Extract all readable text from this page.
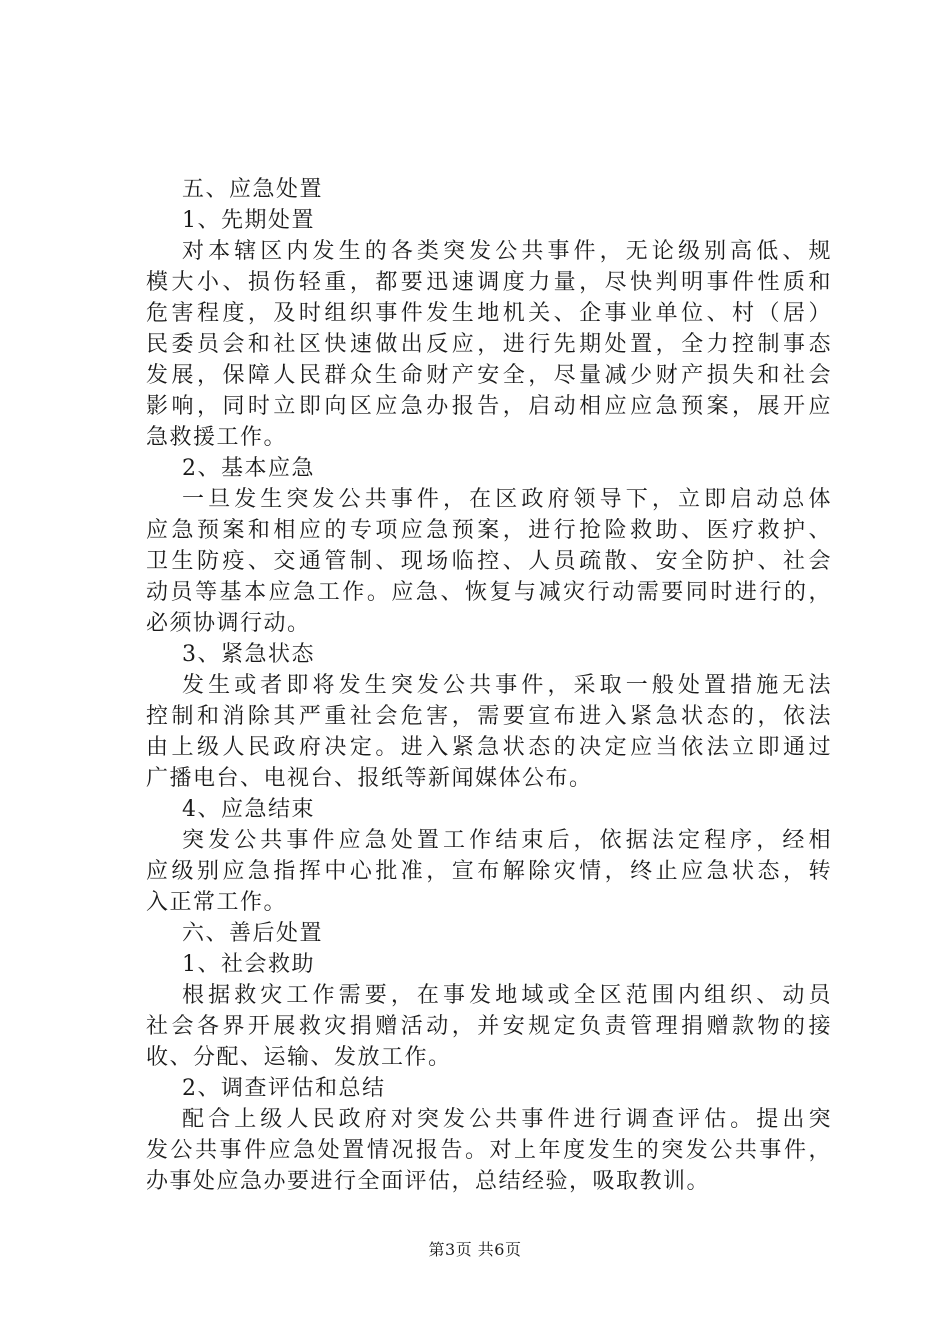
五、应急处置
1、先期处置
对本辖区内发生的各类突发公共事件，无论级别高低、规
模大小、损伤轻重，都要迅速调度力量，尽快判明事件性质和
危害程度，及时组织事件发生地机关、企事业单位、村（居）
民委员会和社区快速做出反应，进行先期处置，全力控制事态
发展，保障人民群众生命财产安全，尽量减少财产损失和社会
影响，同时立即向区应急办报告，启动相应应急预案，展开应
急救援工作。
2、基本应急
一旦发生突发公共事件，在区政府领导下，立即启动总体
应急预案和相应的专项应急预案，进行抢险救助、医疗救护、
卫生防疫、交通管制、现场临控、人员疏散、安全防护、社会
动员等基本应急工作。应急、恢复与减灾行动需要同时进行的，
必须协调行动。
3、紧急状态
发生或者即将发生突发公共事件，采取一般处置措施无法
控制和消除其严重社会危害，需要宣布进入紧急状态的，依法
由上级人民政府决定。进入紧急状态的决定应当依法立即通过
广播电台、电视台、报纸等新闻媒体公布。
4、应急结束
突发公共事件应急处置工作结束后，依据法定程序，经相
应级别应急指挥中心批准，宣布解除灾情，终止应急状态，转
入正常工作。
六、善后处置
1、社会救助
根据救灾工作需要，在事发地域或全区范围内组织、动员
社会各界开展救灾捐赠活动，并安规定负责管理捐赠款物的接
收、分配、运输、发放工作。
2、调查评估和总结
配合上级人民政府对突发公共事件进行调查评估。提出突
发公共事件应急处置情况报告。对上年度发生的突发公共事件，
办事处应急办要进行全面评估，总结经验，吸取教训。
第3页 共6页
